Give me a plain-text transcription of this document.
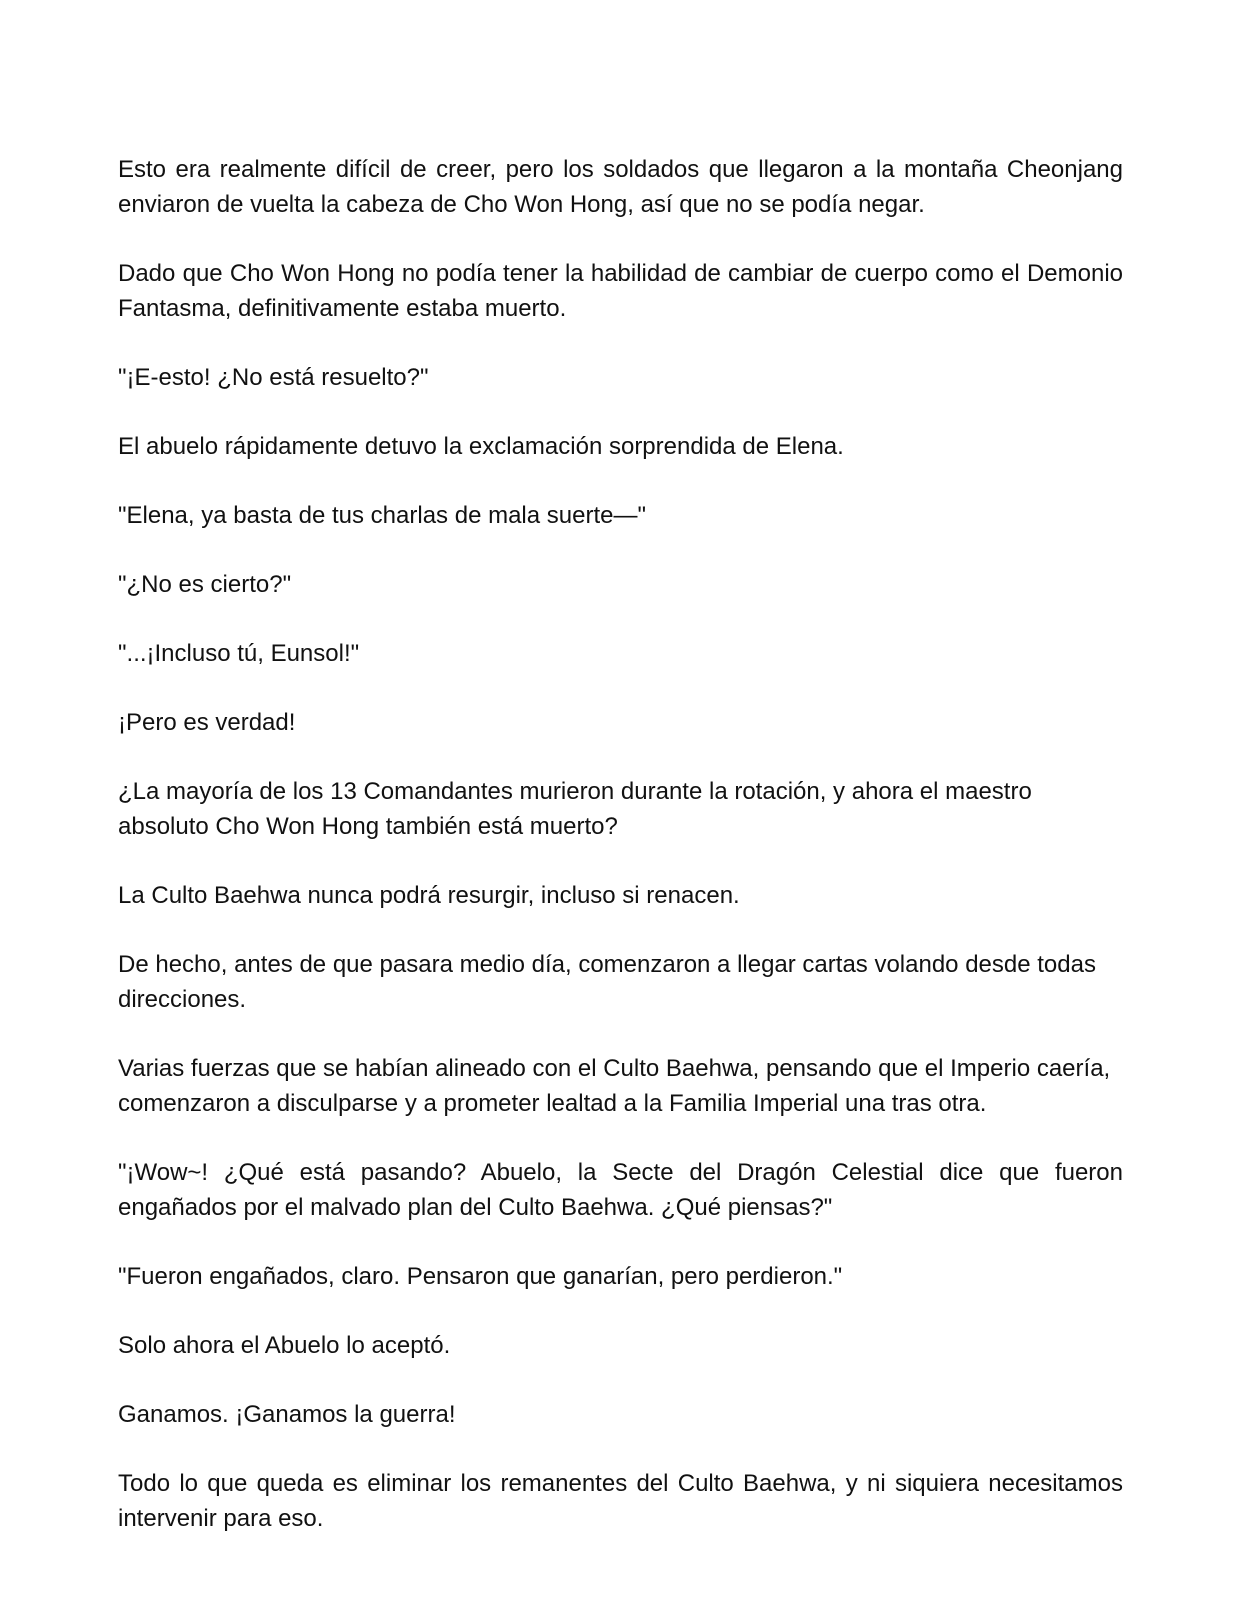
Esto era realmente difícil de creer, pero los soldados que llegaron a la montaña Cheonjang enviaron de vuelta la cabeza de Cho Won Hong, así que no se podía negar.

Dado que Cho Won Hong no podía tener la habilidad de cambiar de cuerpo como el Demonio Fantasma, definitivamente estaba muerto.

"¡E-esto! ¿No está resuelto?"

El abuelo rápidamente detuvo la exclamación sorprendida de Elena.

"Elena, ya basta de tus charlas de mala suerte—"

"¿No es cierto?"

"...¡Incluso tú, Eunsol!"

¡Pero es verdad!

¿La mayoría de los 13 Comandantes murieron durante la rotación, y ahora el maestro absoluto Cho Won Hong también está muerto?

La Culto Baehwa nunca podrá resurgir, incluso si renacen.

De hecho, antes de que pasara medio día, comenzaron a llegar cartas volando desde todas direcciones.

Varias fuerzas que se habían alineado con el Culto Baehwa, pensando que el Imperio caería, comenzaron a disculparse y a prometer lealtad a la Familia Imperial una tras otra.

"¡Wow~! ¿Qué está pasando? Abuelo, la Secte del Dragón Celestial dice que fueron engañados por el malvado plan del Culto Baehwa. ¿Qué piensas?"

"Fueron engañados, claro. Pensaron que ganarían, pero perdieron."

Solo ahora el Abuelo lo aceptó.

Ganamos. ¡Ganamos la guerra!

Todo lo que queda es eliminar los remanentes del Culto Baehwa, y ni siquiera necesitamos intervenir para eso.
